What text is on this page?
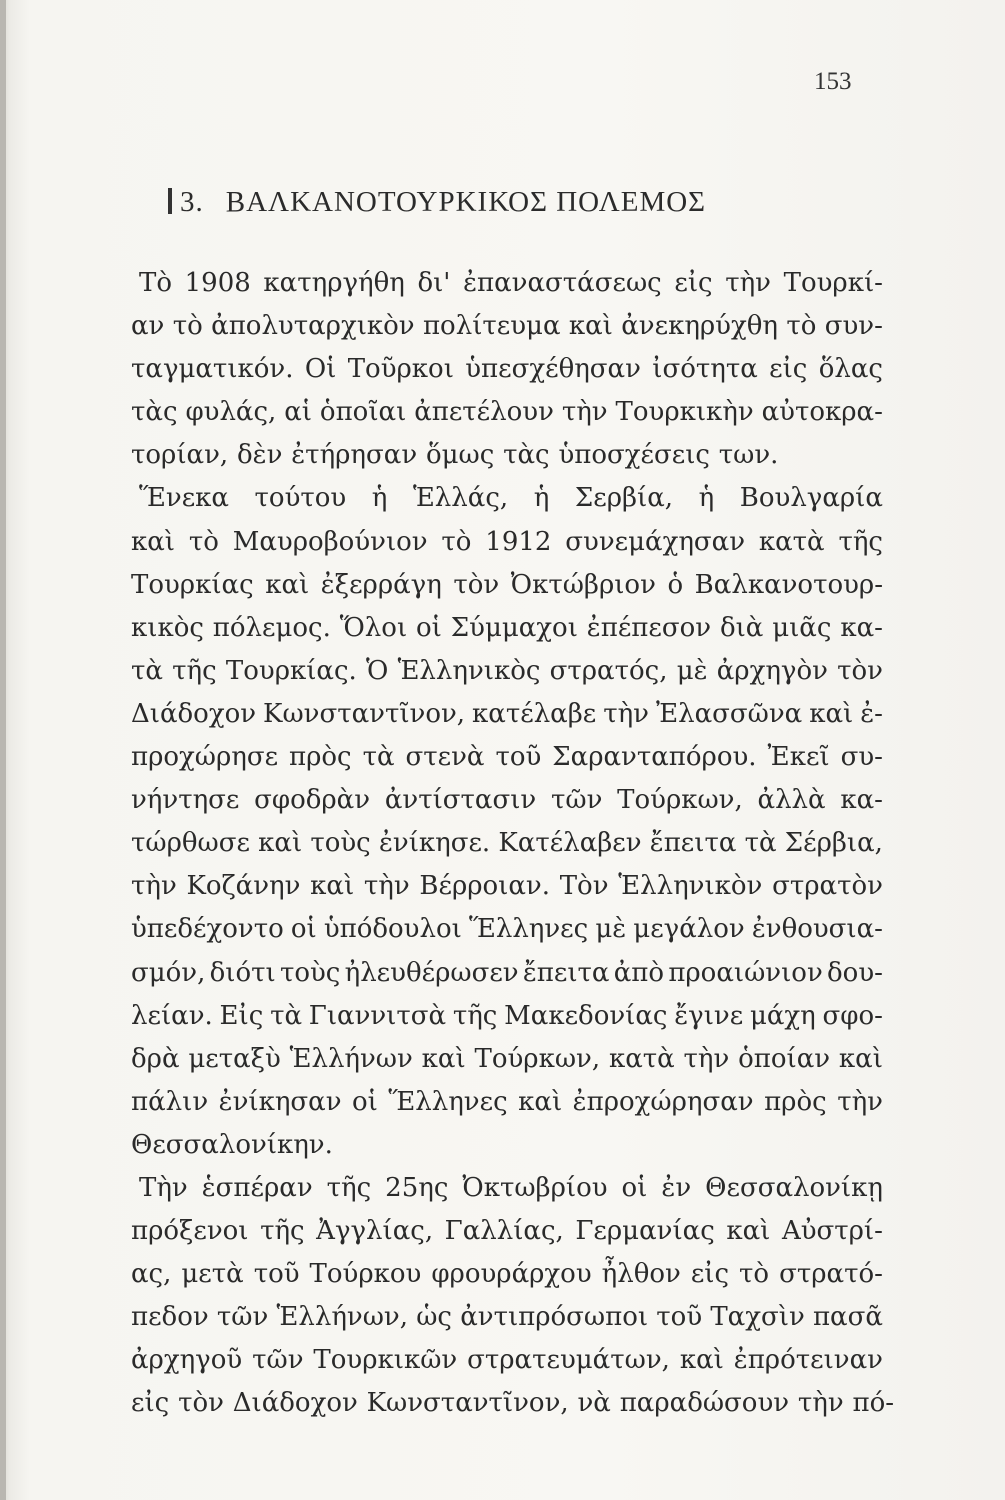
153
3. ΒΑΛΚΑΝΟΤΟΥΡΚΙΚΟΣ ΠΟΛΕΜΟΣ
Τὸ 1908 κατηργήθη δι' ἐπαναστάσεως εἰς τὴν Τουρκί-
αν τὸ ἀπολυταρχικὸν πολίτευμα καὶ ἀνεκηρύχθη τὸ συν-
ταγματικόν. Οἱ Τοῦρκοι ὑπεσχέθησαν ἰσότητα εἰς ὅλας
τὰς φυλάς, αἱ ὁποῖαι ἀπετέλουν τὴν Τουρκικὴν αὐτοκρα-
τορίαν, δὲν ἐτήρησαν ὅμως τὰς ὑποσχέσεις των.
Ἕνεκα τούτου ἡ Ἑλλάς, ἡ Σερβία, ἡ Βουλγαρία
καὶ τὸ Μαυροβούνιον τὸ 1912 συνεμάχησαν κατὰ τῆς
Τουρκίας καὶ ἐξερράγη τὸν Ὀκτώβριον ὁ Βαλκανοτουρ-
κικὸς πόλεμος. Ὅλοι οἱ Σύμμαχοι ἐπέπεσον διὰ μιᾶς κα-
τὰ τῆς Τουρκίας. Ὁ Ἑλληνικὸς στρατός, μὲ ἀρχηγὸν τὸν
Διάδοχον Κωνσταντῖνον, κατέλαβε τὴν Ἐλασσῶνα καὶ ἐ-
προχώρησε πρὸς τὰ στενὰ τοῦ Σαρανταπόρου. Ἐκεῖ συ-
νήντησε σφοδρὰν ἀντίστασιν τῶν Τούρκων, ἀλλὰ κα-
τώρθωσε καὶ τοὺς ἐνίκησε. Κατέλαβεν ἔπειτα τὰ Σέρβια,
τὴν Κοζάνην καὶ τὴν Βέρροιαν. Τὸν Ἑλληνικὸν στρατὸν
ὑπεδέχοντο οἱ ὑπόδουλοι Ἕλληνες μὲ μεγάλον ἐνθουσια-
σμόν, διότι τοὺς ἠλευθέρωσεν ἔπειτα ἀπὸ προαιώνιον δου-
λείαν. Εἰς τὰ Γιαννιτσὰ τῆς Μακεδονίας ἔγινε μάχη σφο-
δρὰ μεταξὺ Ἑλλήνων καὶ Τούρκων, κατὰ τὴν ὁποίαν καὶ
πάλιν ἐνίκησαν οἱ Ἕλληνες καὶ ἐπροχώρησαν πρὸς τὴν
Θεσσαλονίκην.
Τὴν ἑσπέραν τῆς 25ης Ὀκτωβρίου οἱ ἐν Θεσσαλονίκῃ
πρόξενοι τῆς Ἀγγλίας, Γαλλίας, Γερμανίας καὶ Αὐστρί-
ας, μετὰ τοῦ Τούρκου φρουράρχου ἦλθον εἰς τὸ στρατό-
πεδον τῶν Ἑλλήνων, ὡς ἀντιπρόσωποι τοῦ Ταχσὶν πασᾶ
ἀρχηγοῦ τῶν Τουρκικῶν στρατευμάτων, καὶ ἐπρότειναν
εἰς τὸν Διάδοχον Κωνσταντῖνον, νὰ παραδώσουν τὴν πό-
